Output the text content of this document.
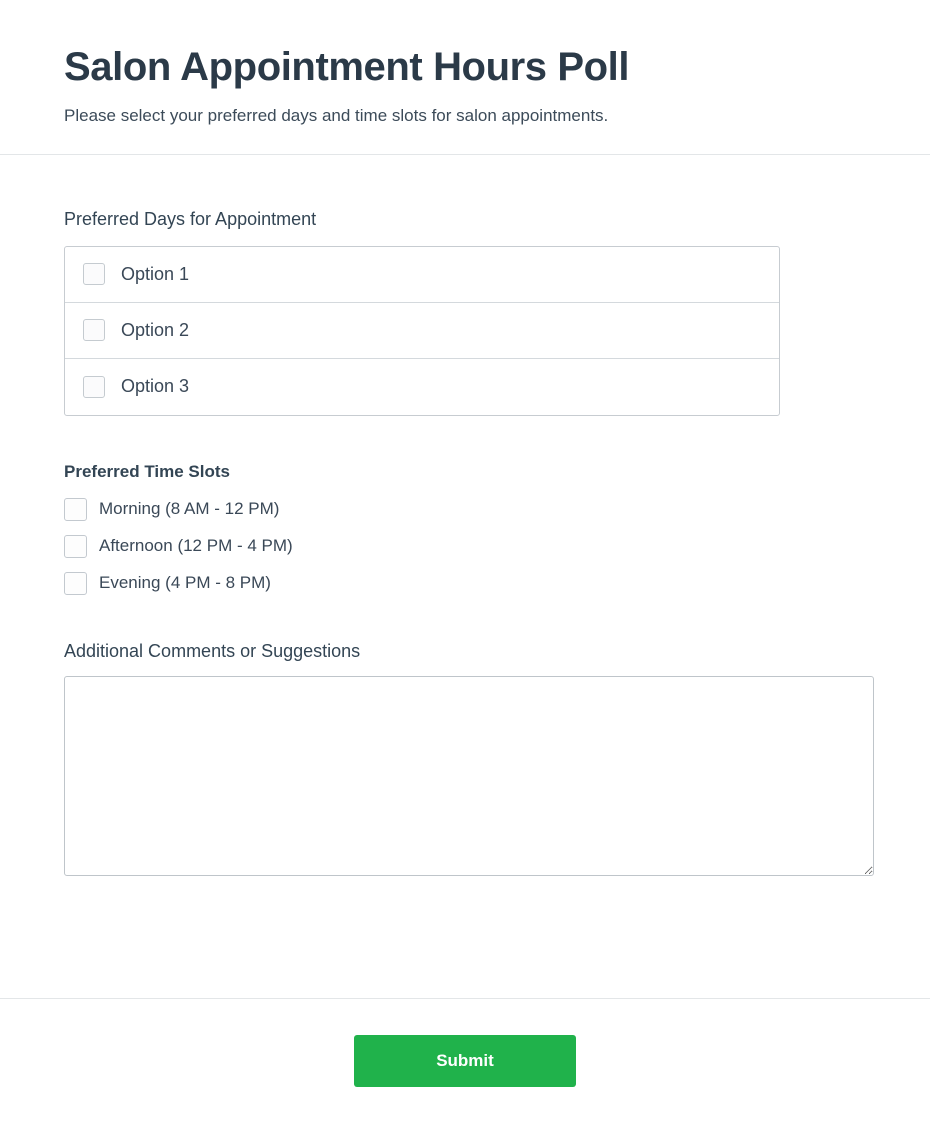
Salon Appointment Hours Poll

Please select your preferred days and time slots for salon appointments.

Preferred Days for Appointment
Option 1
Option 2
Option 3
Preferred Time Slots
Morning (8 AM - 12 PM)
Afternoon (12 PM - 4 PM)
Evening (4 PM - 8 PM)
Additional Comments or Suggestions
Submit
